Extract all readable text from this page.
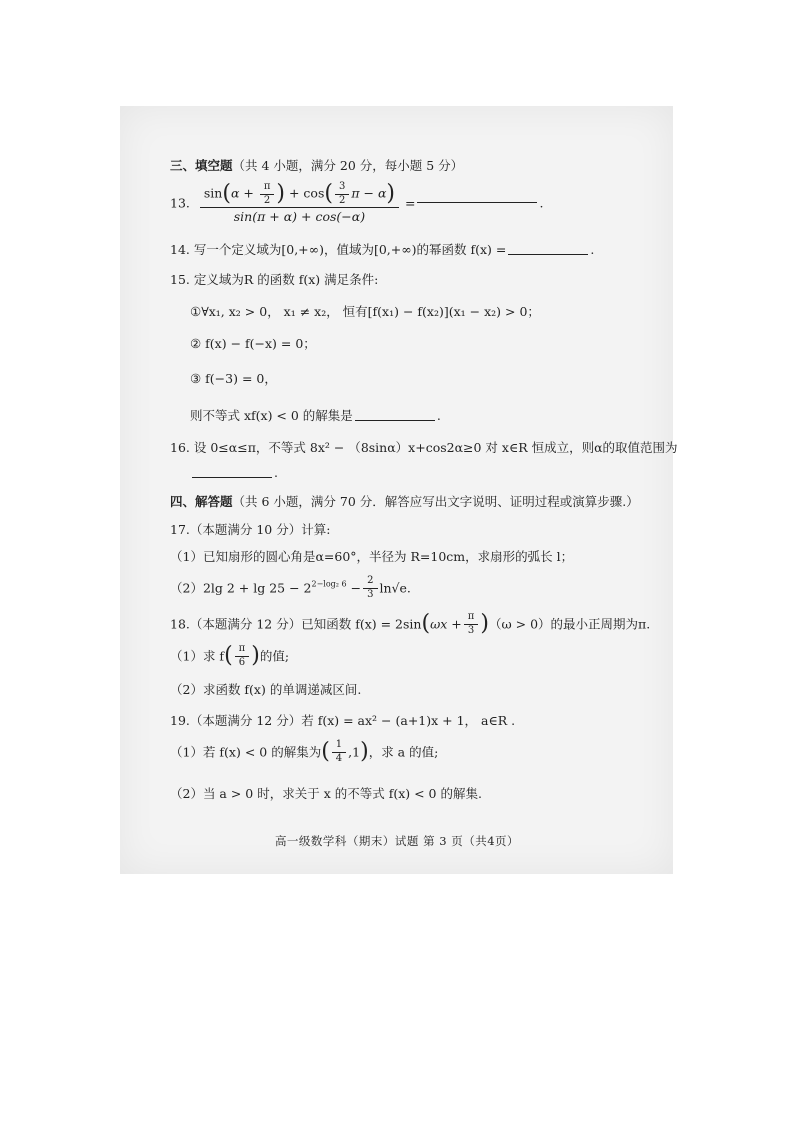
三、填空题（共 4 小题，满分 20 分，每小题 5 分）
13. $\frac{\sin(\alpha + \frac{\pi}{2} ) + \cos( \frac{3}{2} \pi - \alpha)}{\sin(\pi + \alpha) + \cos(-\alpha)}$ =	.
14. 写一个定义域为[0,+∞)，值域为[0,+∞)的幂函数 f(x) =	.
15. 定义域为R 的函数 f(x) 满足条件:
①∀x₁, x₂ > 0， x₁ ≠ x₂， 恒有[f(x₁) − f(x₂)](x₁ − x₂) > 0；
② f(x) − f(−x) = 0；
③ f(−3) = 0，
则不等式 xf(x) < 0 的解集是	.
16. 设 0≤α≤π，不等式 8x² − （8sinα）x+cos2α≥0 对 x∈R 恒成立，则α的取值范围为
.
四、解答题（共 6 小题，满分 70 分．解答应写出文字说明、证明过程或演算步骤.）
17.（本题满分 10 分）计算:
（1）已知扇形的圆心角是α=60°，半径为 R=10cm，求扇形的弧长 l；
（2）2lg $2 + \lg 25 - 2^{2-log_2 6} - \frac{2}{3} \ln√e$.
18.（本题满分 12 分）已知函数 $f(x) = 2\sin(\omega x + \frac{\pi}{3} )(\omega > 0)$的最小正周期为π.
（1）求 $f( \frac{\pi}{6}$ )的值;
（2）求函数 f(x) 的单调递减区间.
19.（本题满分 12 分）若 f(x) = ax² − (a+1)x + 1， a∈R .
（1）若 f(x) < 0 的解集为( $\frac{1}{4} ,1$)，求 a 的值;
（2）当 a > 0 时，求关于 x 的不等式 f(x) < 0 的解集.
高一级数学科（期末）试题 第 3 页（共4页）
